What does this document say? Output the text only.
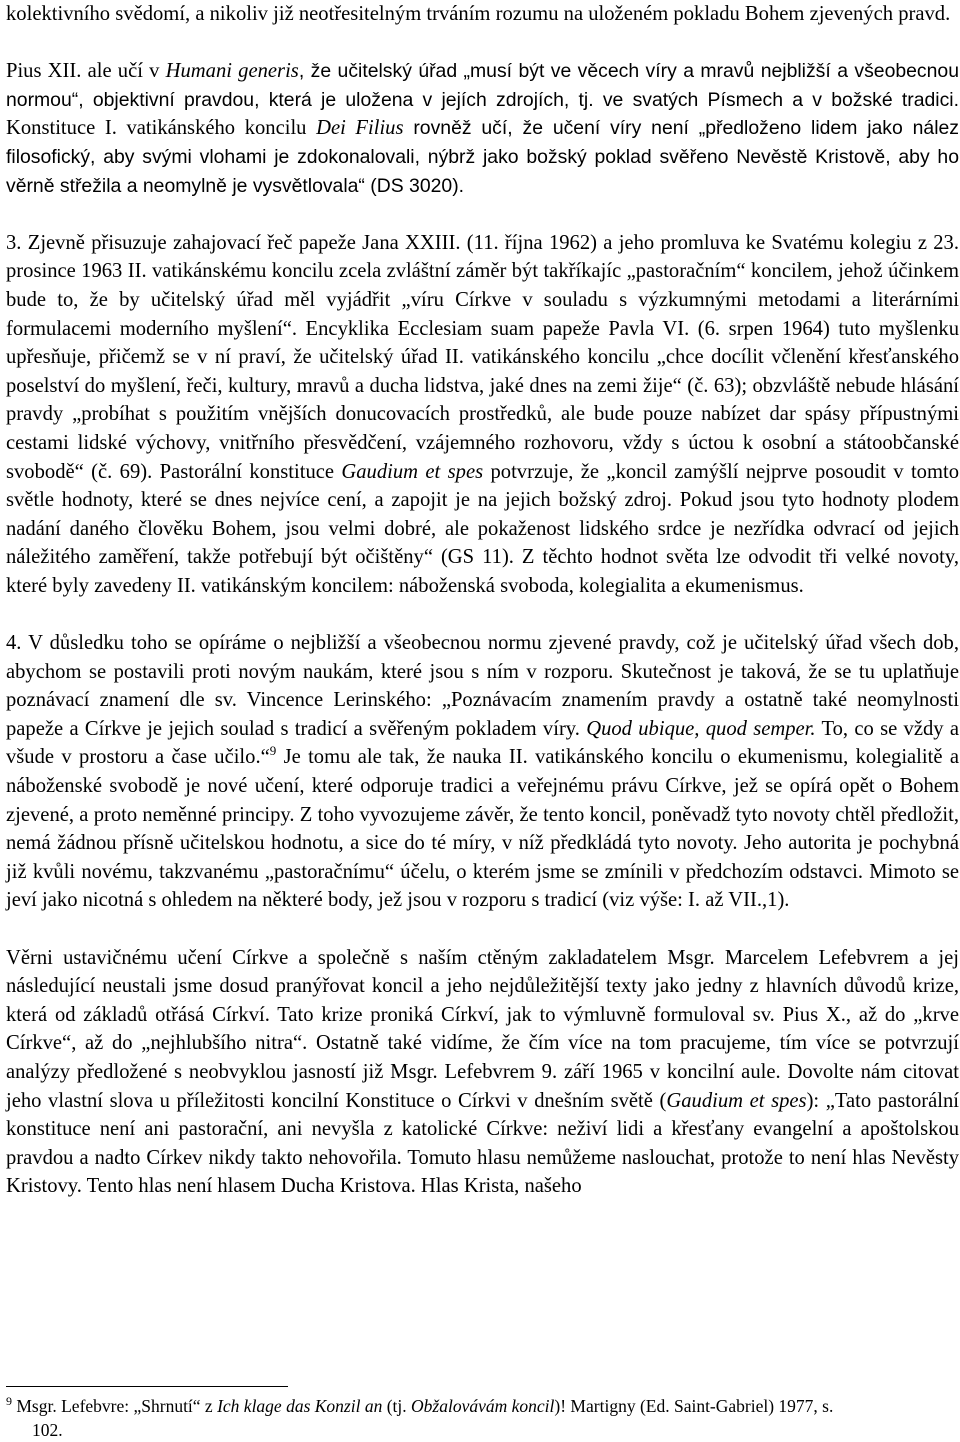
kolektivního svědomí, a nikoliv již neotřesitelným trváním rozumu na uloženém pokladu Bohem zjevených pravd.

Pius XII. ale učí v Humani generis, že učitelský úřad „musí být ve věcech víry a mravů nejbližší a všeobecnou normou“, objektivní pravdou, která je uložena v jejích zdrojích, tj. ve svatých Písmech a v božské tradici. Konstituce I. vatikánského koncilu Dei Filius rovněž učí, že učení víry není „předloženo lidem jako nález filosofický, aby svými vlohami je zdokonalovali, nýbrž jako božský poklad svěřeno Nevěstě Kristově, aby ho věrně střežila a neomylně je vysvětlovala“ (DS 3020).

3. Zjevně přisuzuje zahajovací řeč papeže Jana XXIII. (11. října 1962) a jeho promluva ke Svatému kolegiu z 23. prosince 1963 II. vatikánskému koncilu zcela zvláštní záměr být takříkajíc „pastoračním“ koncilem, jehož účinkem bude to, že by učitelský úřad měl vyjádřit „víru Církve v souladu s výzkumnými metodami a literárními formulacemi moderního myšlení“. Encyklika Ecclesiam suam papeže Pavla VI. (6. srpen 1964) tuto myšlenku upřesňuje, přičemž se v ní praví, že učitelský úřad II. vatikánského koncilu „chce docílit včlenění křesťanského poselství do myšlení, řeči, kultury, mravů a ducha lidstva, jaké dnes na zemi žije“ (č. 63); obzvláště nebude hlásání pravdy „probíhat s použitím vnějších donucovacích prostředků, ale bude pouze nabízet dar spásy přípustnými cestami lidské výchovy, vnitřního přesvědčení, vzájemného rozhovoru, vždy s úctou k osobní a státoobčanské svobodě“ (č. 69). Pastorální konstituce Gaudium et spes potvrzuje, že „koncil zamýšlí nejprve posoudit v tomto světle hodnoty, které se dnes nejvíce cení, a zapojit je na jejich božský zdroj. Pokud jsou tyto hodnoty plodem nadání daného člověku Bohem, jsou velmi dobré, ale pokaženost lidského srdce je nezřídka odvrací od jejich náležitého zaměření, takže potřebují být očištěny“ (GS 11). Z těchto hodnot světa lze odvodit tři velké novoty, které byly zavedeny II. vatikánským koncilem: náboženská svoboda, kolegialita a ekumenismus.

4. V důsledku toho se opíráme o nejbližší a všeobecnou normu zjevené pravdy, což je učitelský úřad všech dob, abychom se postavili proti novým naukám, které jsou s ním v rozporu. Skutečnost je taková, že se tu uplatňuje poznávací znamení dle sv. Vincence Lerinského: „Poznávacím znamením pravdy a ostatně také neomylnosti papeže a Církve je jejich soulad s tradicí a svěřeným pokladem víry. Quod ubique, quod semper. To, co se vždy a všude v prostoru a čase učilo.“$^9$ Je tomu ale tak, že nauka II. vatikánského koncilu o ekumenismu, kolegialitě a náboženské svobodě je nové učení, které odporuje tradici a veřejnému právu Církve, jež se opírá opět o Bohem zjevené, a proto neměnné principy. Z toho vyvozujeme závěr, že tento koncil, poněvadž tyto novoty chtěl předložit, nemá žádnou přísně učitelskou hodnotu, a sice do té míry, v níž předkládá tyto novoty. Jeho autorita je pochybná již kvůli novému, takzvanému „pastoračnímu“ účelu, o kterém jsme se zmínili v předchozím odstavci. Mimoto se jeví jako nicotná s ohledem na některé body, jež jsou v rozporu s tradicí (viz výše: I. až VII.,1).

Věrni ustavičnému učení Církve a společně s naším ctěným zakladatelem Msgr. Marcelem Lefebvrem a jej následující neustali jsme dosud pranýřovat koncil a jeho nejdůležitější texty jako jedny z hlavních důvodů krize, která od základů otřásá Církví. Tato krize proniká Církví, jak to výmluvně formuloval sv. Pius X., až do „krve Církve“, až do „nejhlubšího nitra“. Ostatně také vidíme, že čím více na tom pracujeme, tím více se potvrzují analýzy předložené s neobvyklou jasností již Msgr. Lefebvrem 9. září 1965 v koncilní aule. Dovolte nám citovat jeho vlastní slova u příležitosti koncilní Konstituce o Církvi v dnešním světě (Gaudium et spes): „Tato pastorální konstituce není ani pastorační, ani nevyšla z katolické Církve: neživí lidi a křesťany evangelní a apoštolskou pravdou a nadto Církev nikdy takto nehovořila. Tomuto hlasu nemůžeme naslouchat, protože to není hlas Nevěsty Kristovy. Tento hlas není hlasem Ducha Kristova. Hlas Krista, našeho

$^9$ Msgr. Lefebvre: „Shrnutí“ z Ich klage das Konzil an (tj. Obžalovávám koncil)! Martigny (Ed. Saint-Gabriel) 1977, s.
102.
